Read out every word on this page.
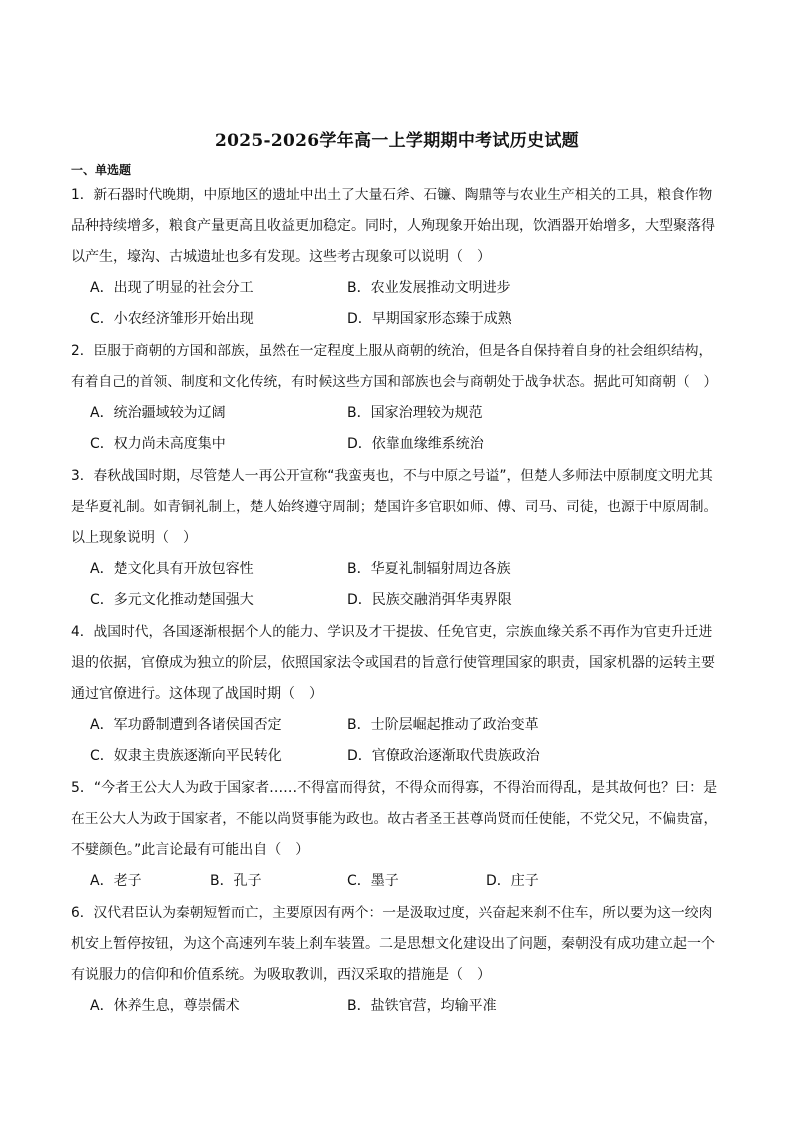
2025-2026学年高一上学期期中考试历史试题
一、单选题
1．新石器时代晚期，中原地区的遗址中出土了大量石斧、石镰、陶鼎等与农业生产相关的工具，粮食作物
品种持续增多，粮食产量更高且收益更加稳定。同时，人殉现象开始出现，饮酒器开始增多，大型聚落得
以产生，壕沟、古城遗址也多有发现。这些考古现象可以说明（　）
A．出现了明显的社会分工	B．农业发展推动文明进步
C．小农经济雏形开始出现	D．早期国家形态臻于成熟
2．臣服于商朝的方国和部族，虽然在一定程度上服从商朝的统治，但是各自保持着自身的社会组织结构，
有着自己的首领、制度和文化传统，有时候这些方国和部族也会与商朝处于战争状态。据此可知商朝（　）
A．统治疆域较为辽阔	B．国家治理较为规范
C．权力尚未高度集中	D．依靠血缘维系统治
3．春秋战国时期，尽管楚人一再公开宣称“我蛮夷也，不与中原之号谥”，但楚人多师法中原制度文明尤其
是华夏礼制。如青铜礼制上，楚人始终遵守周制；楚国许多官职如师、傅、司马、司徒，也源于中原周制。
以上现象说明（　）
A．楚文化具有开放包容性	B．华夏礼制辐射周边各族
C．多元文化推动楚国强大	D．民族交融消弭华夷界限
4．战国时代，各国逐渐根据个人的能力、学识及才干提拔、任免官吏，宗族血缘关系不再作为官吏升迁进
退的依据，官僚成为独立的阶层，依照国家法令或国君的旨意行使管理国家的职责，国家机器的运转主要
通过官僚进行。这体现了战国时期（　）
A．军功爵制遭到各诸侯国否定	B．士阶层崛起推动了政治变革
C．奴隶主贵族逐渐向平民转化	D．官僚政治逐渐取代贵族政治
5．“今者王公大人为政于国家者……不得富而得贫，不得众而得寡，不得治而得乱，是其故何也？曰：是
在王公大人为政于国家者，不能以尚贤事能为政也。故古者圣王甚尊尚贤而任使能，不党父兄，不偏贵富，
不嬖颜色。”此言论最有可能出自（　）
A．老子	B．孔子	C．墨子	D．庄子
6．汉代君臣认为秦朝短暂而亡，主要原因有两个：一是汲取过度，兴奋起来刹不住车，所以要为这一绞肉
机安上暂停按钮，为这个高速列车装上刹车装置。二是思想文化建设出了问题，秦朝没有成功建立起一个
有说服力的信仰和价值系统。为吸取教训，西汉采取的措施是（　）
A．休养生息，尊崇儒术	B．盐铁官营，均输平准
